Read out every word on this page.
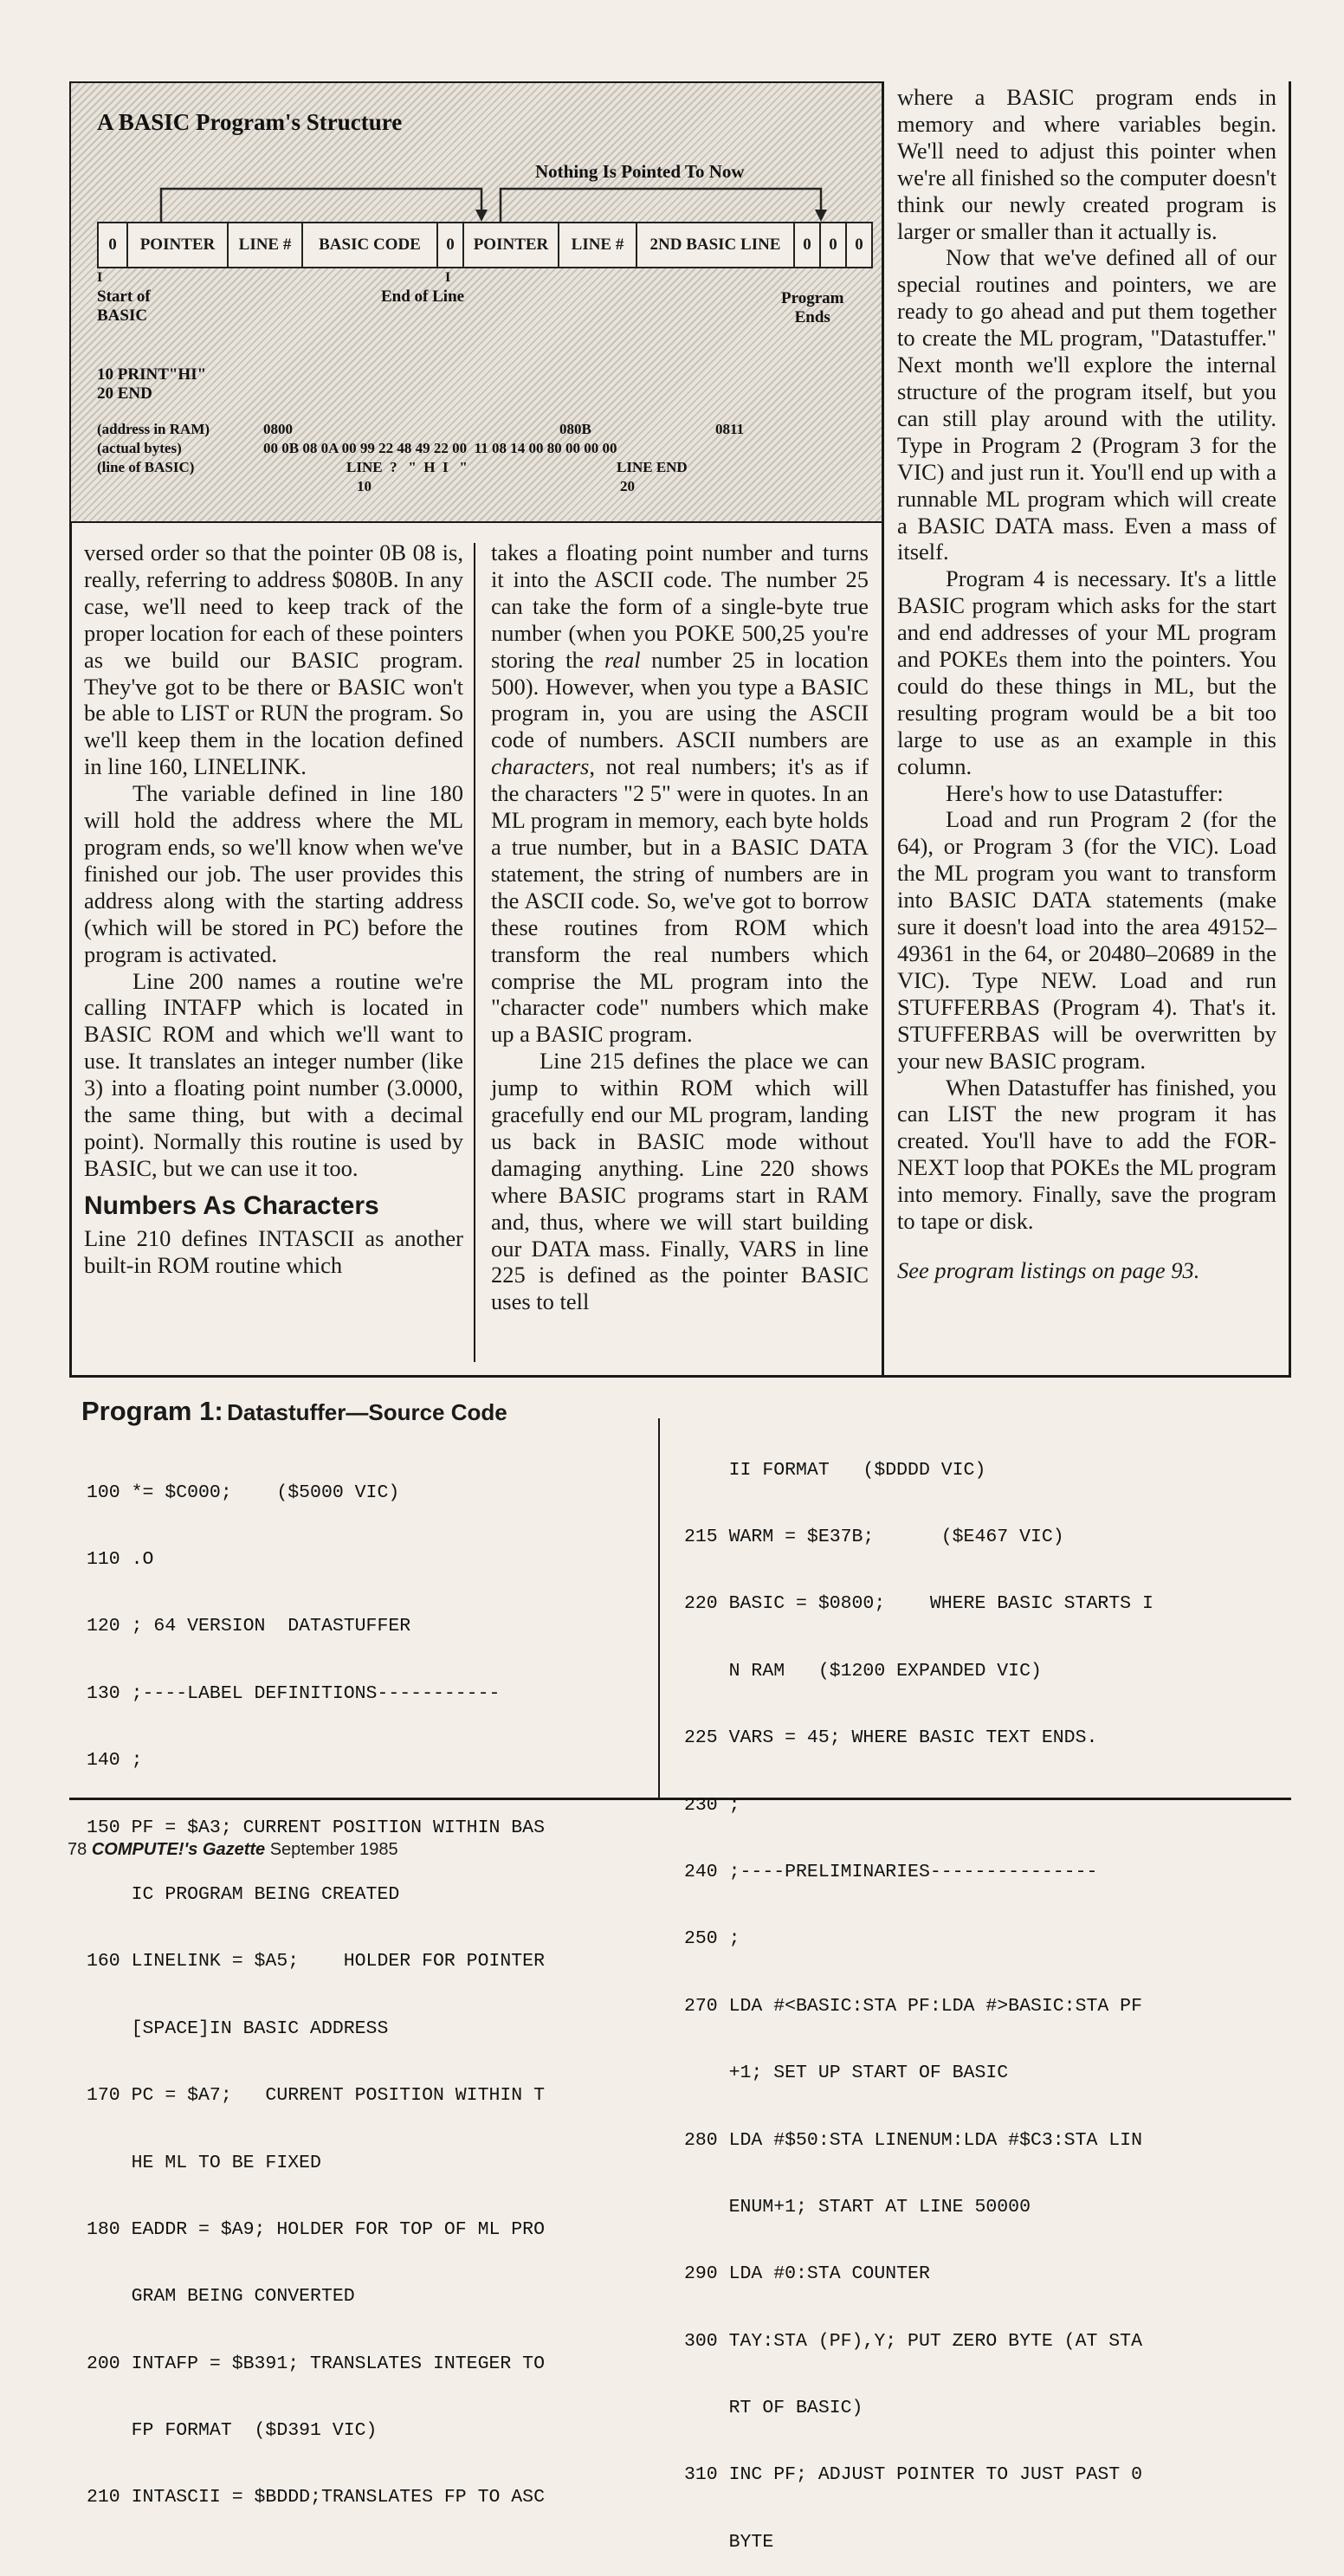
A BASIC Program's Structure
Nothing Is Pointed To Now
0	POINTER	LINE #	BASIC CODE	0	POINTER	LINE #	2ND BASIC LINE	0	0	0
I	I
Start of
BASIC
End of Line	Program
Ends
10 PRINT"HI"
20 END
(address in RAM)
(actual bytes)
(line of BASIC)
0800	080B	0811
00 0B 08 0A 00 99 22 48 49 22 00  11 08 14 00 80 00 00 00
LINE  ?   "  H  I   "	LINE END
10	20

versed order so that the pointer 0B 08 is, really, referring to address $080B. In any case, we'll need to keep track of the proper location for each of these pointers as we build our BASIC program. They've got to be there or BASIC won't be able to LIST or RUN the program. So we'll keep them in the location defined in line 160, LINELINK.

The variable defined in line 180 will hold the address where the ML program ends, so we'll know when we've finished our job. The user provides this address along with the starting address (which will be stored in PC) before the program is activated.

Line 200 names a routine we're calling INTAFP which is located in BASIC ROM and which we'll want to use. It translates an integer number (like 3) into a floating point number (3.0000, the same thing, but with a decimal point). Normally this routine is used by BASIC, but we can use it too.

Numbers As Characters

Line 210 defines INTASCII as another built-in ROM routine which

takes a floating point number and turns it into the ASCII code. The number 25 can take the form of a single-byte true number (when you POKE 500,25 you're storing the real number 25 in location 500). However, when you type a BASIC program in, you are using the ASCII code of numbers. ASCII numbers are characters, not real numbers; it's as if the characters "2 5" were in quotes. In an ML program in memory, each byte holds a true number, but in a BASIC DATA statement, the string of numbers are in the ASCII code. So, we've got to borrow these routines from ROM which transform the real numbers which comprise the ML program into the "character code" numbers which make up a BASIC program.

Line 215 defines the place we can jump to within ROM which will gracefully end our ML program, landing us back in BASIC mode without damaging anything. Line 220 shows where BASIC programs start in RAM and, thus, where we will start building our DATA mass. Finally, VARS in line 225 is defined as the pointer BASIC uses to tell

where a BASIC program ends in memory and where variables begin. We'll need to adjust this pointer when we're all finished so the computer doesn't think our newly created program is larger or smaller than it actually is.

Now that we've defined all of our special routines and pointers, we are ready to go ahead and put them together to create the ML program, "Datastuffer." Next month we'll explore the internal structure of the program itself, but you can still play around with the utility. Type in Program 2 (Program 3 for the VIC) and just run it. You'll end up with a runnable ML program which will create a BASIC DATA mass. Even a mass of itself.

Program 4 is necessary. It's a little BASIC program which asks for the start and end addresses of your ML program and POKEs them into the pointers. You could do these things in ML, but the resulting program would be a bit too large to use as an example in this column.

Here's how to use Datastuffer:

Load and run Program 2 (for the 64), or Program 3 (for the VIC). Load the ML program you want to transform into BASIC DATA statements (make sure it doesn't load into the area 49152–49361 in the 64, or 20480–20689 in the VIC). Type NEW. Load and run STUFFERBAS (Program 4). That's it. STUFFERBAS will be overwritten by your new BASIC program.

When Datastuffer has finished, you can LIST the new program it has created. You'll have to add the FOR-NEXT loop that POKEs the ML program into memory. Finally, save the program to tape or disk.

See program listings on page 93.

Program 1: Datastuffer—Source Code

100 *= $C000;    ($5000 VIC)

110 .O

120 ; 64 VERSION  DATASTUFFER

130 ;----LABEL DEFINITIONS-----------

140 ;

150 PF = $A3; CURRENT POSITION WITHIN BAS

IC PROGRAM BEING CREATED

160 LINELINK = $A5;    HOLDER FOR POINTER

[SPACE]IN BASIC ADDRESS

170 PC = $A7;   CURRENT POSITION WITHIN T

HE ML TO BE FIXED

180 EADDR = $A9; HOLDER FOR TOP OF ML PRO

GRAM BEING CONVERTED

200 INTAFP = $B391; TRANSLATES INTEGER TO

FP FORMAT  ($D391 VIC)

210 INTASCII = $BDDD;TRANSLATES FP TO ASC

II FORMAT   ($DDDD VIC)

215 WARM = $E37B;      ($E467 VIC)

220 BASIC = $0800;    WHERE BASIC STARTS I

N RAM   ($1200 EXPANDED VIC)

225 VARS = 45; WHERE BASIC TEXT ENDS.

230 ;

240 ;----PRELIMINARIES---------------

250 ;

270 LDA #<BASIC:STA PF:LDA #>BASIC:STA PF

+1; SET UP START OF BASIC

280 LDA #$50:STA LINENUM:LDA #$C3:STA LIN

ENUM+1; START AT LINE 50000

290 LDA #0:STA COUNTER

300 TAY:STA (PF),Y; PUT ZERO BYTE (AT STA

RT OF BASIC)

310 INC PF; ADJUST POINTER TO JUST PAST 0

BYTE

78 COMPUTE!'s Gazette September 1985
